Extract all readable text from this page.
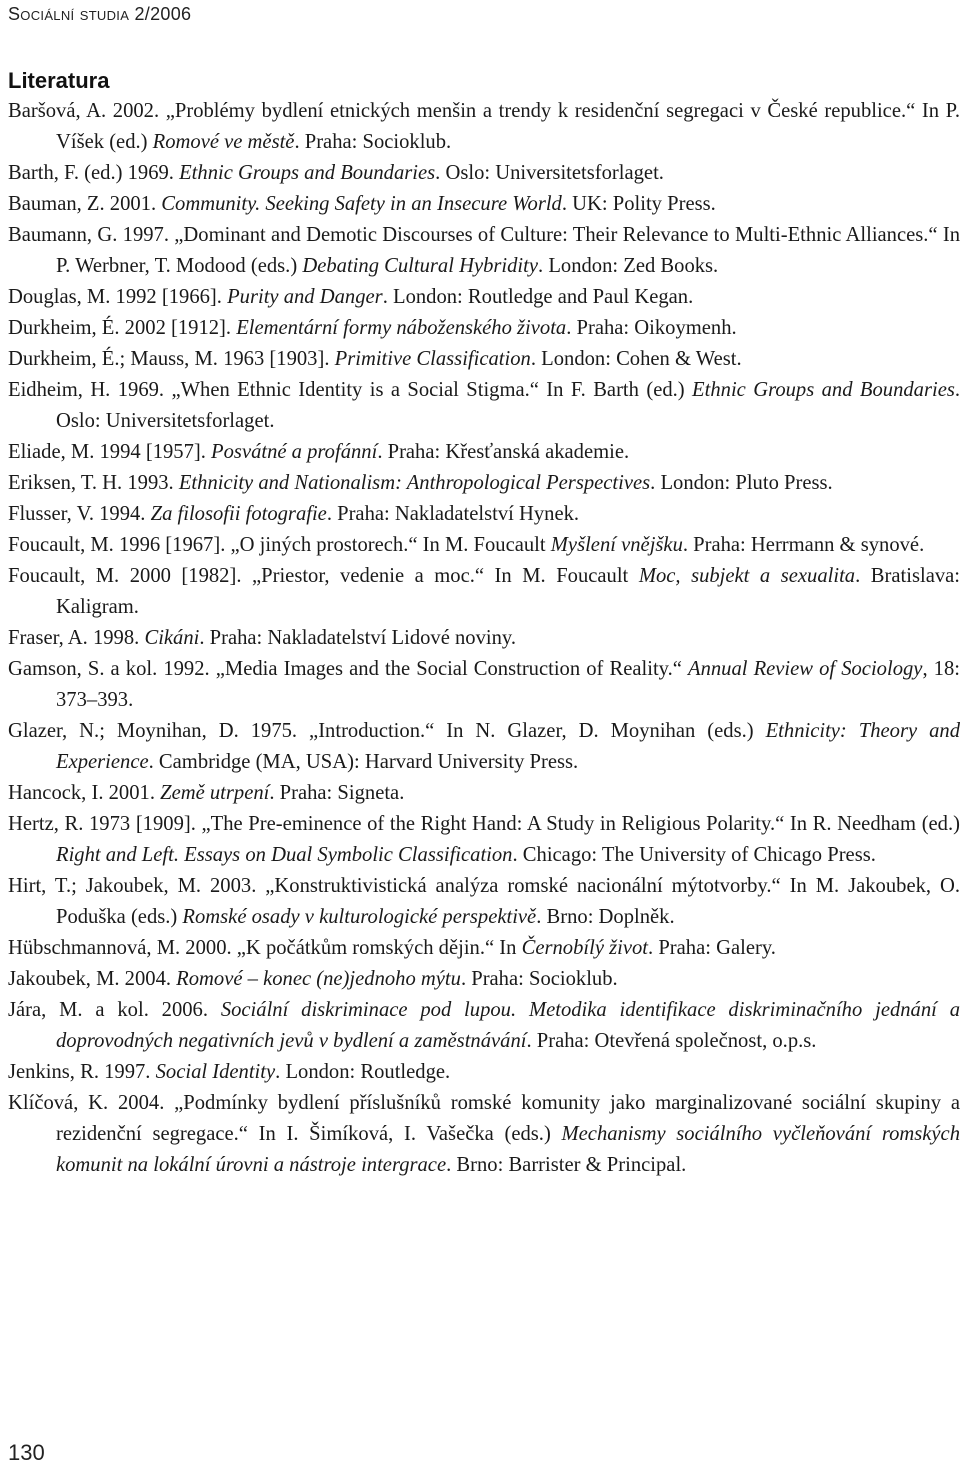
Sociální studia 2/2006
Literatura
Baršová, A. 2002. „Problémy bydlení etnických menšin a trendy k residenční segregaci v České republice.“ In P. Víšek (ed.) Romové ve městě. Praha: Socioklub.
Barth, F. (ed.) 1969. Ethnic Groups and Boundaries. Oslo: Universitetsforlaget.
Bauman, Z. 2001. Community. Seeking Safety in an Insecure World. UK: Polity Press.
Baumann, G. 1997. „Dominant and Demotic Discourses of Culture: Their Relevance to Multi-Ethnic Alliances.“ In P. Werbner, T. Modood (eds.) Debating Cultural Hybridity. London: Zed Books.
Douglas, M. 1992 [1966]. Purity and Danger. London: Routledge and Paul Kegan.
Durkheim, É. 2002 [1912]. Elementární formy náboženského života. Praha: Oikoymenh.
Durkheim, É.; Mauss, M. 1963 [1903]. Primitive Classification. London: Cohen & West.
Eidheim, H. 1969. „When Ethnic Identity is a Social Stigma.“ In F. Barth (ed.) Ethnic Groups and Boundaries. Oslo: Universitetsforlaget.
Eliade, M. 1994 [1957]. Posvátné a profánní. Praha: Křesťanská akademie.
Eriksen, T. H. 1993. Ethnicity and Nationalism: Anthropological Perspectives. London: Pluto Press.
Flusser, V. 1994. Za filosofii fotografie. Praha: Nakladatelství Hynek.
Foucault, M. 1996 [1967]. „O jiných prostorech.“ In M. Foucault Myšlení vnějšku. Praha: Herrmann & synové.
Foucault, M. 2000 [1982]. „Priestor, vedenie a moc.“ In M. Foucault Moc, subjekt a sexualita. Bratislava: Kaligram.
Fraser, A. 1998. Cikáni. Praha: Nakladatelství Lidové noviny.
Gamson, S. a kol. 1992. „Media Images and the Social Construction of Reality.“ Annual Review of Sociology, 18: 373–393.
Glazer, N.; Moynihan, D. 1975. „Introduction.“ In N. Glazer, D. Moynihan (eds.) Ethnicity: Theory and Experience. Cambridge (MA, USA): Harvard University Press.
Hancock, I. 2001. Země utrpení. Praha: Signeta.
Hertz, R. 1973 [1909]. „The Pre-eminence of the Right Hand: A Study in Religious Polarity.“ In R. Needham (ed.) Right and Left. Essays on Dual Symbolic Classification. Chicago: The University of Chicago Press.
Hirt, T.; Jakoubek, M. 2003. „Konstruktivistická analýza romské nacionální mýtotvorby.“ In M. Jakoubek, O. Poduška (eds.) Romské osady v kulturologické perspektivě. Brno: Doplněk.
Hübschmannová, M. 2000. „K počátkům romských dějin.“ In Černobílý život. Praha: Galery.
Jakoubek, M. 2004. Romové – konec (ne)jednoho mýtu. Praha: Socioklub.
Jára, M. a kol. 2006. Sociální diskriminace pod lupou. Metodika identifikace diskriminačního jednání a doprovodných negativních jevů v bydlení a zaměstnávání. Praha: Otevřená společnost, o.p.s.
Jenkins, R. 1997. Social Identity. London: Routledge.
Klíčová, K. 2004. „Podmínky bydlení příslušníků romské komunity jako marginalizované sociální skupiny a rezidenční segregace.“ In I. Šimíková, I. Vašečka (eds.) Mechanismy sociálního vyčleňování romských komunit na lokální úrovni a nástroje intergrace. Brno: Barrister & Principal.
130
